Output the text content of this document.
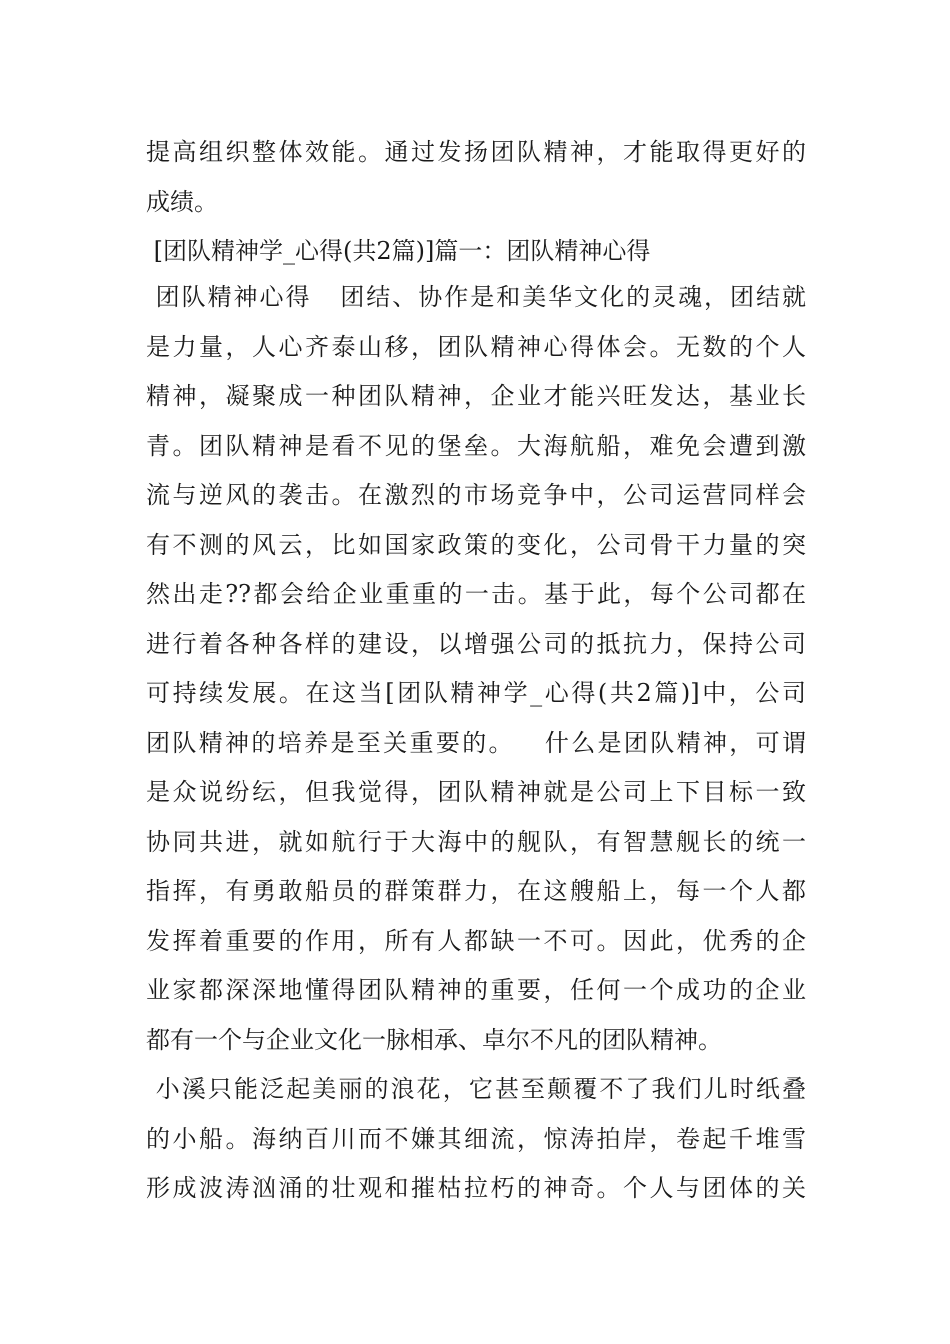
提高组织整体效能。通过发扬团队精神，才能取得更好的
成绩。
[团队精神学_心得(共2篇)]篇一：团队精神心得
团队精神心得   团结、协作是和美华文化的灵魂，团结就
是力量，人心齐泰山移，团队精神心得体会。无数的个人
精神，凝聚成一种团队精神，企业才能兴旺发达，基业长
青。团队精神是看不见的堡垒。大海航船，难免会遭到激
流与逆风的袭击。在激烈的市场竞争中，公司运营同样会
有不测的风云，比如国家政策的变化，公司骨干力量的突
然出走??都会给企业重重的一击。基于此，每个公司都在
进行着各种各样的建设，以增强公司的抵抗力，保持公司
可持续发展。在这当[团队精神学_心得(共2篇)]中，公司
团队精神的培养是至关重要的。   什么是团队精神，可谓
是众说纷纭，但我觉得，团队精神就是公司上下目标一致
协同共进，就如航行于大海中的舰队，有智慧舰长的统一
指挥，有勇敢船员的群策群力，在这艘船上，每一个人都
发挥着重要的作用，所有人都缺一不可。因此，优秀的企
业家都深深地懂得团队精神的重要，任何一个成功的企业
都有一个与企业文化一脉相承、卓尔不凡的团队精神。
小溪只能泛起美丽的浪花，它甚至颠覆不了我们儿时纸叠
的小船。海纳百川而不嫌其细流，惊涛拍岸，卷起千堆雪
形成波涛汹涌的壮观和摧枯拉朽的神奇。个人与团体的关
